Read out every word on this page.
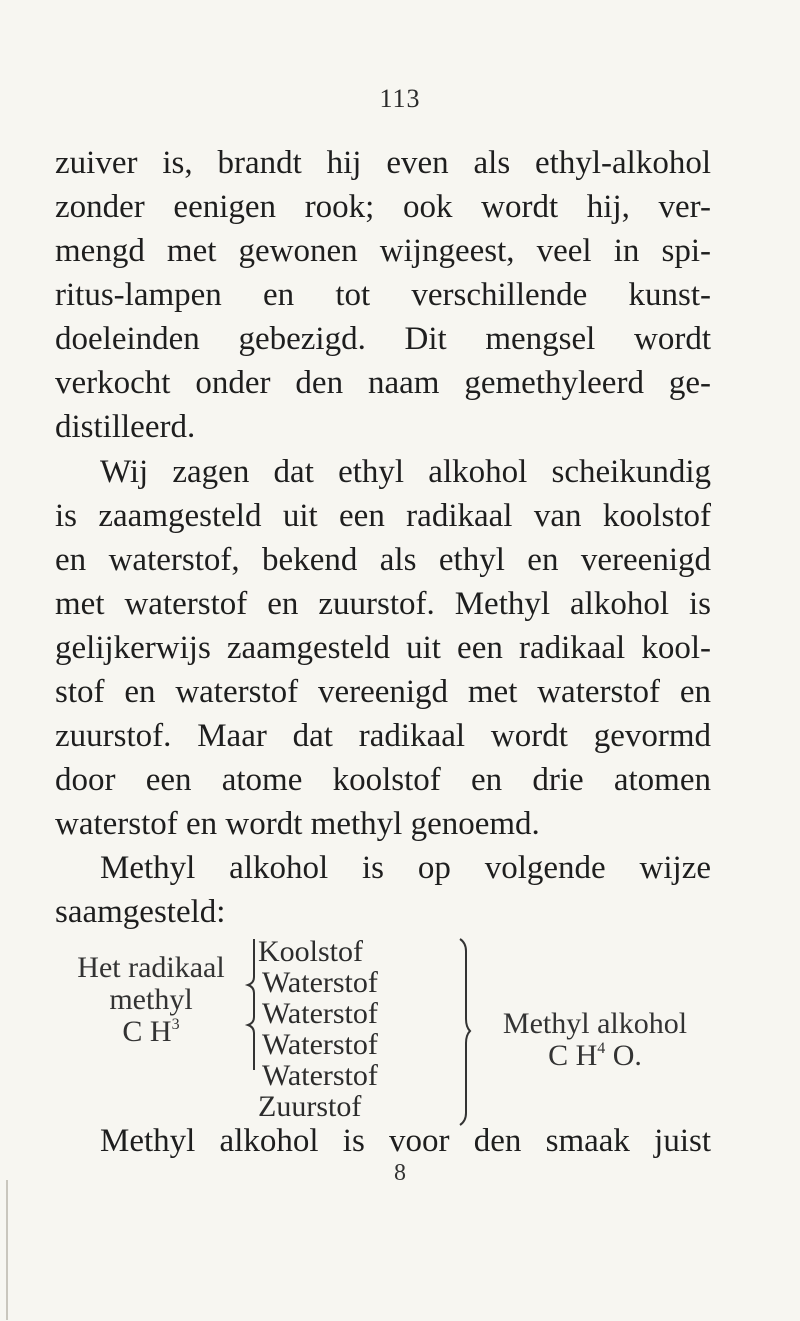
113
zuiver is, brandt hij even als ethyl-alkohol
zonder eenigen rook; ook wordt hij, ver-
mengd met gewonen wijngeest, veel in spi-
ritus-lampen en tot verschillende kunst-
doeleinden gebezigd. Dit mengsel wordt
verkocht onder den naam gemethyleerd ge-
distilleerd.
Wij zagen dat ethyl alkohol scheikundig
is zaamgesteld uit een radikaal van koolstof
en waterstof, bekend als ethyl en vereenigd
met waterstof en zuurstof. Methyl alkohol is
gelijkerwijs zaamgesteld uit een radikaal kool-
stof en waterstof vereenigd met waterstof en
zuurstof. Maar dat radikaal wordt gevormd
door een atome koolstof en drie atomen
waterstof en wordt methyl genoemd.
Methyl alkohol is op volgende wijze
saamgesteld:
Het radikaal
methyl
C $H^3$
Koolstof
Waterstof
Waterstof
Waterstof
Waterstof
Zuurstof
Methyl alkohol
C $H^4$ O.
Methyl alkohol is voor den smaak juist
8
